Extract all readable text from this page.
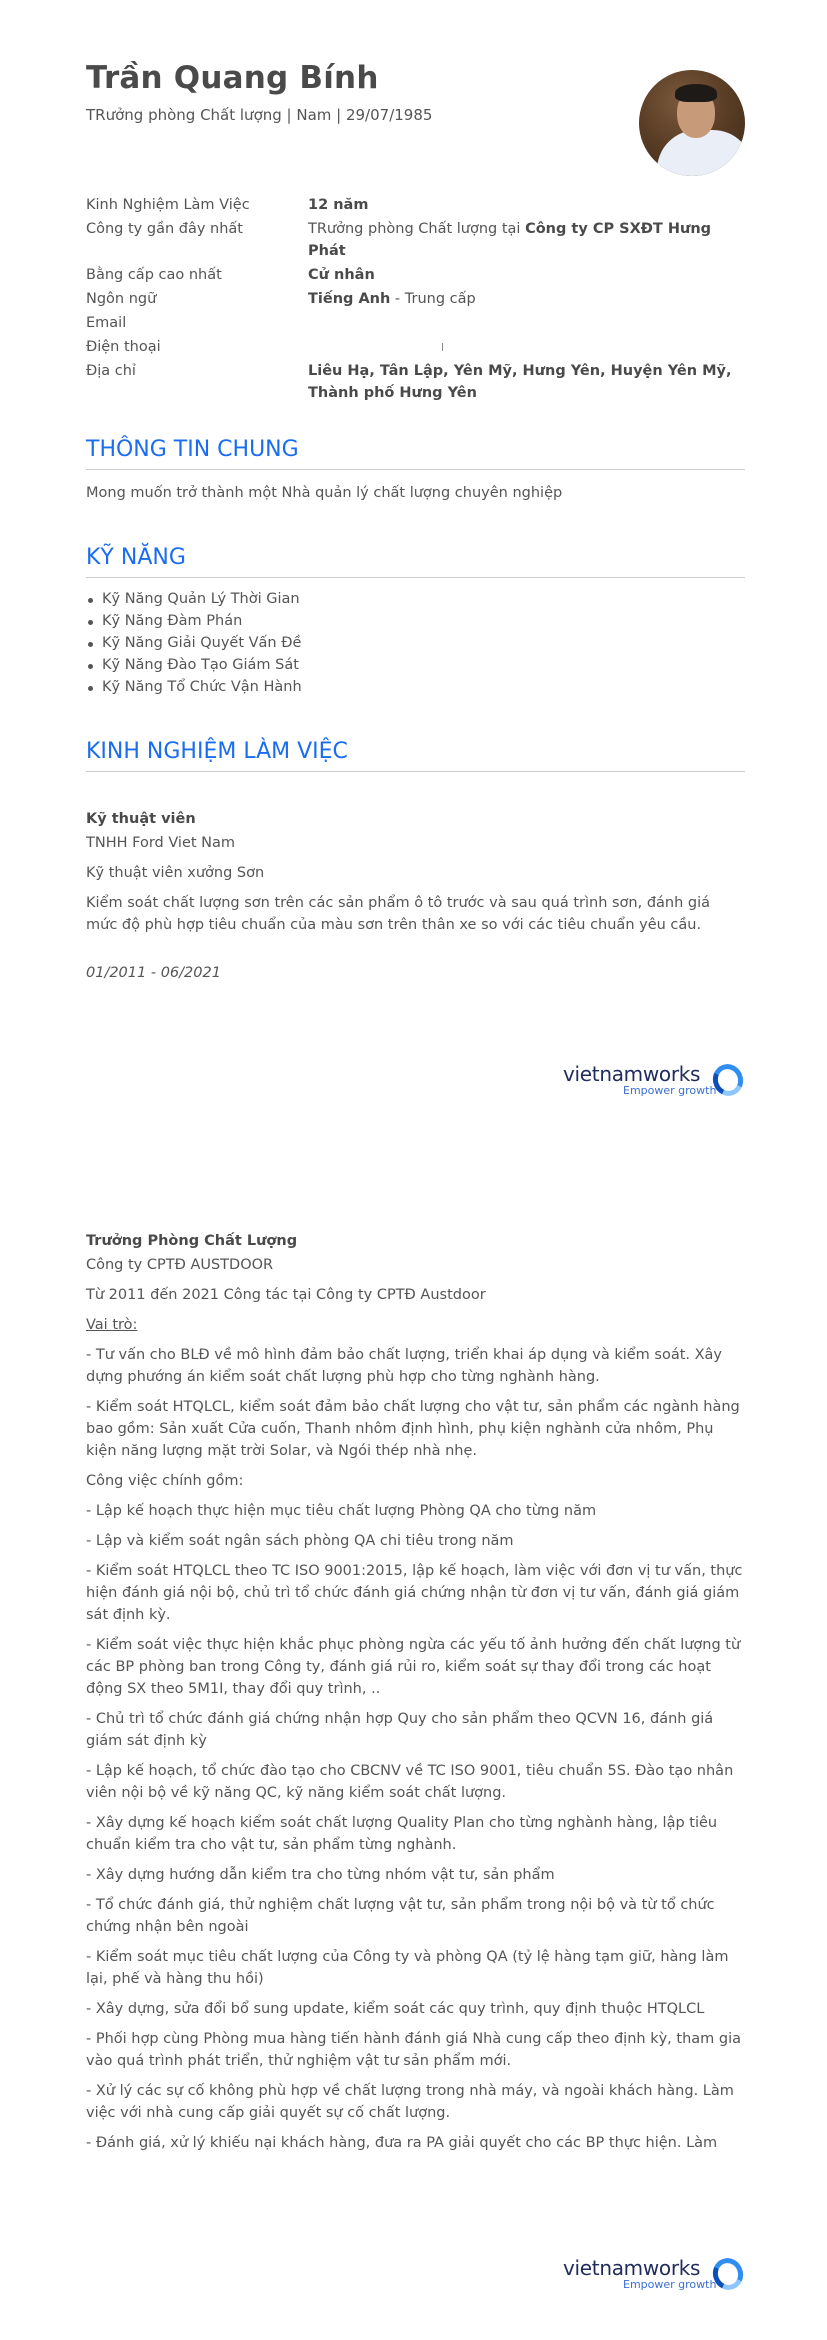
Trần Quang Bính
TRưởng phòng Chất lượng | Nam | 29/07/1985
Kinh Nghiệm Làm Việc	12 năm
Công ty gần đây nhất	TRưởng phòng Chất lượng tại Công ty CP SXĐT Hưng Phát
Bằng cấp cao nhất	Cử nhân
Ngôn ngữ	Tiếng Anh - Trung cấp
Email
Điện thoại
Địa chỉ	Liêu Hạ, Tân Lập, Yên Mỹ, Hưng Yên, Huyện Yên Mỹ, Thành phố Hưng Yên
THÔNG TIN CHUNG
Mong muốn trở thành một Nhà quản lý chất lượng chuyên nghiệp
KỸ NĂNG
Kỹ Năng Quản Lý Thời Gian
Kỹ Năng Đàm Phán
Kỹ Năng Giải Quyết Vấn Đề
Kỹ Năng Đào Tạo Giám Sát
Kỹ Năng Tổ Chức Vận Hành
KINH NGHIỆM LÀM VIỆC
Kỹ thuật viên
TNHH Ford Viet Nam
Kỹ thuật viên xưởng Sơn
Kiểm soát chất lượng sơn trên các sản phẩm ô tô trước và sau quá trình sơn, đánh giá mức độ phù hợp tiêu chuẩn của màu sơn trên thân xe so với các tiêu chuẩn yêu cầu.
01/2011 - 06/2021
vietnamworks
Empower growth
Trưởng Phòng Chất Lượng
Công ty CPTĐ AUSTDOOR
Từ 2011 đến 2021 Công tác tại Công ty CPTĐ Austdoor
Vai trò:
- Tư vấn cho BLĐ về mô hình đảm bảo chất lượng, triển khai áp dụng và kiểm soát. Xây dựng phướng án kiểm soát chất lượng phù hợp cho từng nghành hàng.
- Kiểm soát HTQLCL, kiểm soát đảm bảo chất lượng cho vật tư, sản phẩm các ngành hàng bao gồm: Sản xuất Cửa cuốn, Thanh nhôm định hình, phụ kiện nghành cửa nhôm, Phụ kiện năng lượng mặt trời Solar, và Ngói thép nhà nhẹ.
Công việc chính gồm:
- Lập kế hoạch thực hiện mục tiêu chất lượng Phòng QA cho từng năm
- Lập và kiểm soát ngân sách phòng QA chi tiêu trong năm
- Kiểm soát HTQLCL theo TC ISO 9001:2015, lập kế hoạch, làm việc với đơn vị tư vấn, thực hiện đánh giá nội bộ, chủ trì tổ chức đánh giá chứng nhận từ đơn vị tư vấn, đánh giá giám sát định kỳ.
- Kiểm soát việc thực hiện khắc phục phòng ngừa các yếu tố ảnh hưởng đến chất lượng từ các BP phòng ban trong Công ty, đánh giá rủi ro, kiểm soát sự thay đổi trong các hoạt động SX theo 5M1I, thay đổi quy trình, ..
- Chủ trì tổ chức đánh giá chứng nhận hợp Quy cho sản phẩm theo QCVN 16, đánh giá giám sát định kỳ
- Lập kế hoạch, tổ chức đào tạo cho CBCNV về TC ISO 9001, tiêu chuẩn 5S. Đào tạo nhân viên nội bộ về kỹ năng QC, kỹ năng kiểm soát chất lượng.
- Xây dựng kế hoạch kiểm soát chất lượng Quality Plan cho từng nghành hàng, lập tiêu chuẩn kiểm tra cho vật tư, sản phẩm từng nghành.
- Xây dựng hướng dẫn kiểm tra cho từng nhóm vật tư, sản phẩm
- Tổ chức đánh giá, thử nghiệm chất lượng vật tư, sản phẩm trong nội bộ và từ tổ chức chứng nhận bên ngoài
- Kiểm soát mục tiêu chất lượng của Công ty và phòng QA (tỷ lệ hàng tạm giữ, hàng làm lại, phế và hàng thu hồi)
- Xây dựng, sửa đổi bổ sung update, kiểm soát các quy trình, quy định thuộc HTQLCL
- Phối hợp cùng Phòng mua hàng tiến hành đánh giá Nhà cung cấp theo định kỳ, tham gia vào quá trình phát triển, thử nghiệm vật tư sản phẩm mới.
- Xử lý các sự cố không phù hợp về chất lượng trong nhà máy, và ngoài khách hàng. Làm việc với nhà cung cấp giải quyết sự cố chất lượng.
- Đánh giá, xử lý khiếu nại khách hàng, đưa ra PA giải quyết cho các BP thực hiện. Làm
vietnamworks
Empower growth
